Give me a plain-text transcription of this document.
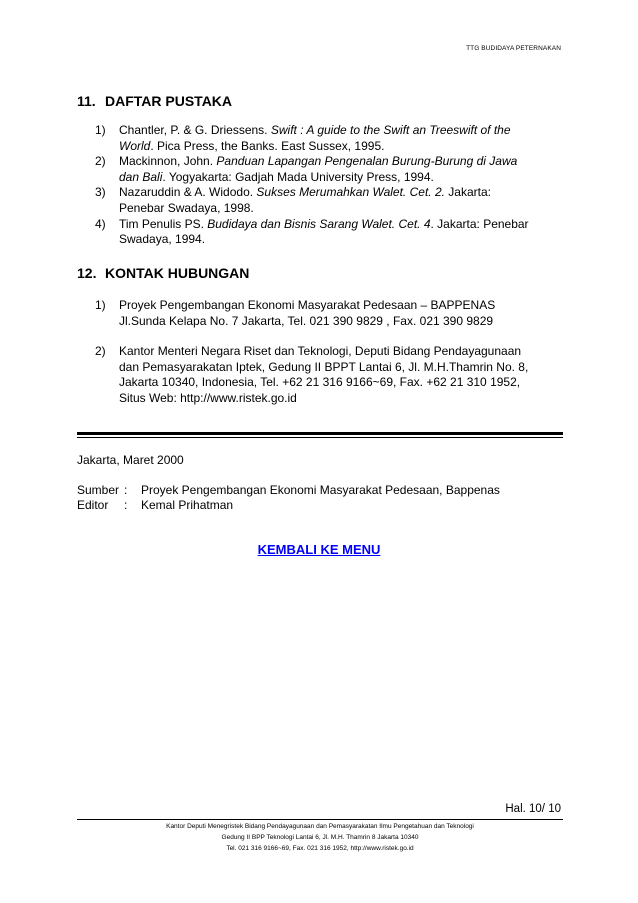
TTG BUDIDAYA PETERNAKAN
11. DAFTAR PUSTAKA
1) Chantler, P. & G. Driessens. Swift : A guide to the Swift an Treeswift of the
World. Pica Press, the Banks. East Sussex, 1995.
2) Mackinnon, John. Panduan Lapangan Pengenalan Burung-Burung di Jawa
dan Bali. Yogyakarta: Gadjah Mada University Press, 1994.
3) Nazaruddin & A. Widodo. Sukses Merumahkan Walet. Cet. 2. Jakarta:
Penebar Swadaya, 1998.
4) Tim Penulis PS. Budidaya dan Bisnis Sarang Walet. Cet. 4. Jakarta: Penebar
Swadaya, 1994.
12. KONTAK HUBUNGAN
1) Proyek Pengembangan Ekonomi Masyarakat Pedesaan – BAPPENAS
Jl.Sunda Kelapa No. 7 Jakarta, Tel. 021 390 9829 , Fax. 021 390 9829
2) Kantor Menteri Negara Riset dan Teknologi, Deputi Bidang Pendayagunaan
dan Pemasyarakatan Iptek, Gedung II BPPT Lantai 6, Jl. M.H.Thamrin No. 8,
Jakarta 10340, Indonesia, Tel. +62 21 316 9166~69, Fax. +62 21 310 1952,
Situs Web: http://www.ristek.go.id
Jakarta, Maret 2000
Sumber : Proyek Pengembangan Ekonomi Masyarakat Pedesaan, Bappenas
Editor : Kemal Prihatman
KEMBALI KE MENU
Hal. 10/ 10
Kantor Deputi Menegristek Bidang Pendayagunaan dan Pemasyarakatan Ilmu Pengetahuan dan Teknologi
Gedung II BPP Teknologi Lantai 6, Jl. M.H. Thamrin 8 Jakarta 10340
Tel. 021 316 9166~69, Fax. 021 316 1952, http://www.ristek.go.id
